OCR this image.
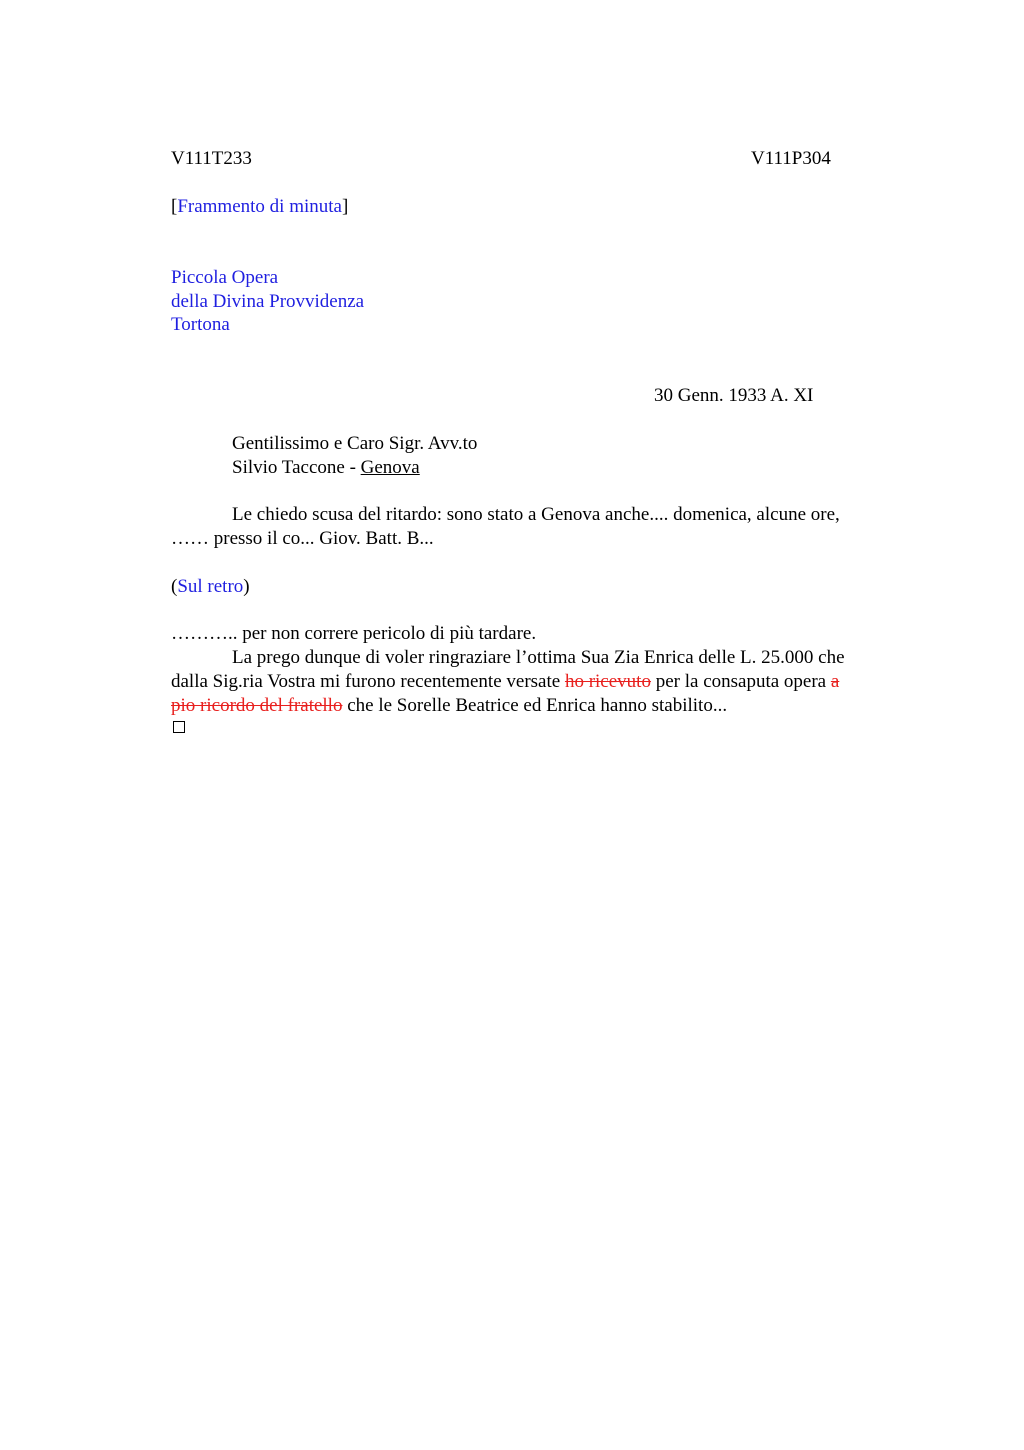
V111T233	V111P304
[Frammento di minuta]
Piccola Opera
della Divina Provvidenza
Tortona
30 Genn. 1933 A. XI
Gentilissimo e Caro Sigr. Avv.to
Silvio Taccone - Genova
Le chiedo scusa del ritardo: sono stato a Genova anche.... domenica, alcune ore,
…… presso il co... Giov. Batt. B...
(Sul retro)
……….. per non correre pericolo di più tardare.
La prego dunque di voler ringraziare l’ottima Sua Zia Enrica delle L. 25.000 che
dalla Sig.ria Vostra mi furono recentemente versate ho ricevuto per la consaputa opera a
pio ricordo del fratello che le Sorelle Beatrice ed Enrica hanno stabilito...
